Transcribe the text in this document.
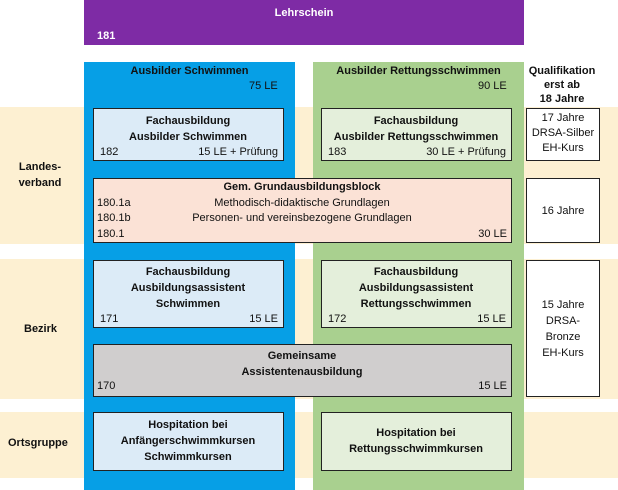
Lehrschein
181
Ausbilder Schwimmen
75 LE
Ausbilder Rettungsschwimmen
90 LE
Qualifikation
erst ab
18 Jahre
Landes-
verband
Bezirk
Ortsgruppe
Fachausbildung
Ausbilder Schwimmen
182	15 LE + Prüfung
Fachausbildung
Ausbilder Rettungsschwimmen
183	30 LE + Prüfung
Gem. Grundausbildungsblock
180.1a	Methodisch-didaktische Grundlagen
180.1b	Personen- und vereinsbezogene Grundlagen
180.1	30 LE
Fachausbildung
Ausbildungsassistent
Schwimmen
171	15 LE
Fachausbildung
Ausbildungsassistent
Rettungsschwimmen
172	15 LE
Gemeinsame
Assistentenausbildung
170	15 LE
Hospitation bei
Anfängerschwimmkursen
Schwimmkursen
Hospitation bei
Rettungsschwimmkursen
17 Jahre
DRSA-Silber
EH-Kurs
16 Jahre
15 Jahre
DRSA-
Bronze
EH-Kurs
